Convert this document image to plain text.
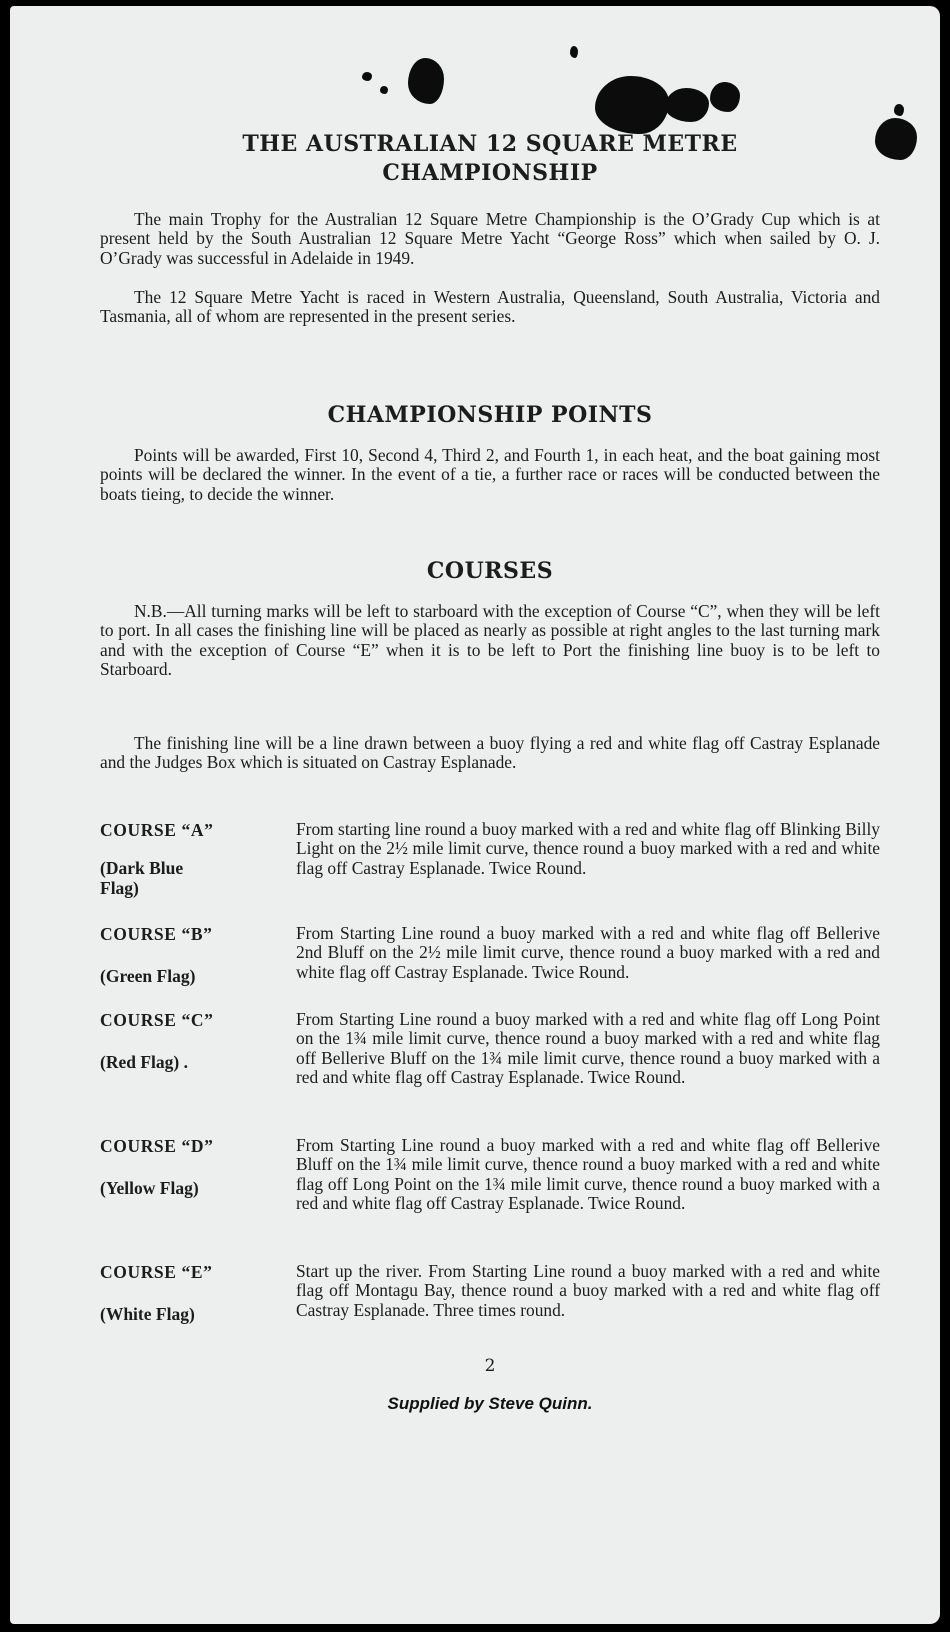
THE AUSTRALIAN 12 SQUARE METRE
CHAMPIONSHIP

The main Trophy for the Australian 12 Square Metre Championship is the O’Grady Cup which is at present held by the South Australian 12 Square Metre Yacht “George Ross” which when sailed by O. J. O’Grady was successful in Adelaide in 1949.

The 12 Square Metre Yacht is raced in Western Australia, Queensland, South Australia, Victoria and Tasmania, all of whom are represented in the present series.

CHAMPIONSHIP POINTS

Points will be awarded, First 10, Second 4, Third 2, and Fourth 1, in each heat, and the boat gaining most points will be declared the winner. In the event of a tie, a further race or races will be conducted between the boats tieing, to decide the winner.

COURSES

N.B.—All turning marks will be left to starboard with the exception of Course “C”, when they will be left to port. In all cases the finishing line will be placed as nearly as possible at right angles to the last turning mark and with the exception of Course “E” when it is to be left to Port the finishing line buoy is to be left to Starboard.

The finishing line will be a line drawn between a buoy flying a red and white flag off Castray Esplanade and the Judges Box which is situated on Castray Esplanade.

COURSE “A”
(Dark Blue Flag)

From starting line round a buoy marked with a red and white flag off Blinking Billy Light on the 2½ mile limit curve, thence round a buoy marked with a red and white flag off Castray Esplanade. Twice Round.

COURSE “B”
(Green Flag)

From Starting Line round a buoy marked with a red and white flag off Bellerive 2nd Bluff on the 2½ mile limit curve, thence round a buoy marked with a red and white flag off Castray Esplanade. Twice Round.

COURSE “C”
(Red Flag) .

From Starting Line round a buoy marked with a red and white flag off Long Point on the 1¾ mile limit curve, thence round a buoy marked with a red and white flag off Bellerive Bluff on the 1¾ mile limit curve, thence round a buoy marked with a red and white flag off Castray Esplanade. Twice Round.

COURSE “D”
(Yellow Flag)

From Starting Line round a buoy marked with a red and white flag off Bellerive Bluff on the 1¾ mile limit curve, thence round a buoy marked with a red and white flag off Long Point on the 1¾ mile limit curve, thence round a buoy marked with a red and white flag off Castray Esplanade. Twice Round.

COURSE “E”
(White Flag)

Start up the river. From Starting Line round a buoy marked with a red and white flag off Montagu Bay, thence round a buoy marked with a red and white flag off Castray Esplanade. Three times round.

2
Supplied by Steve Quinn.
